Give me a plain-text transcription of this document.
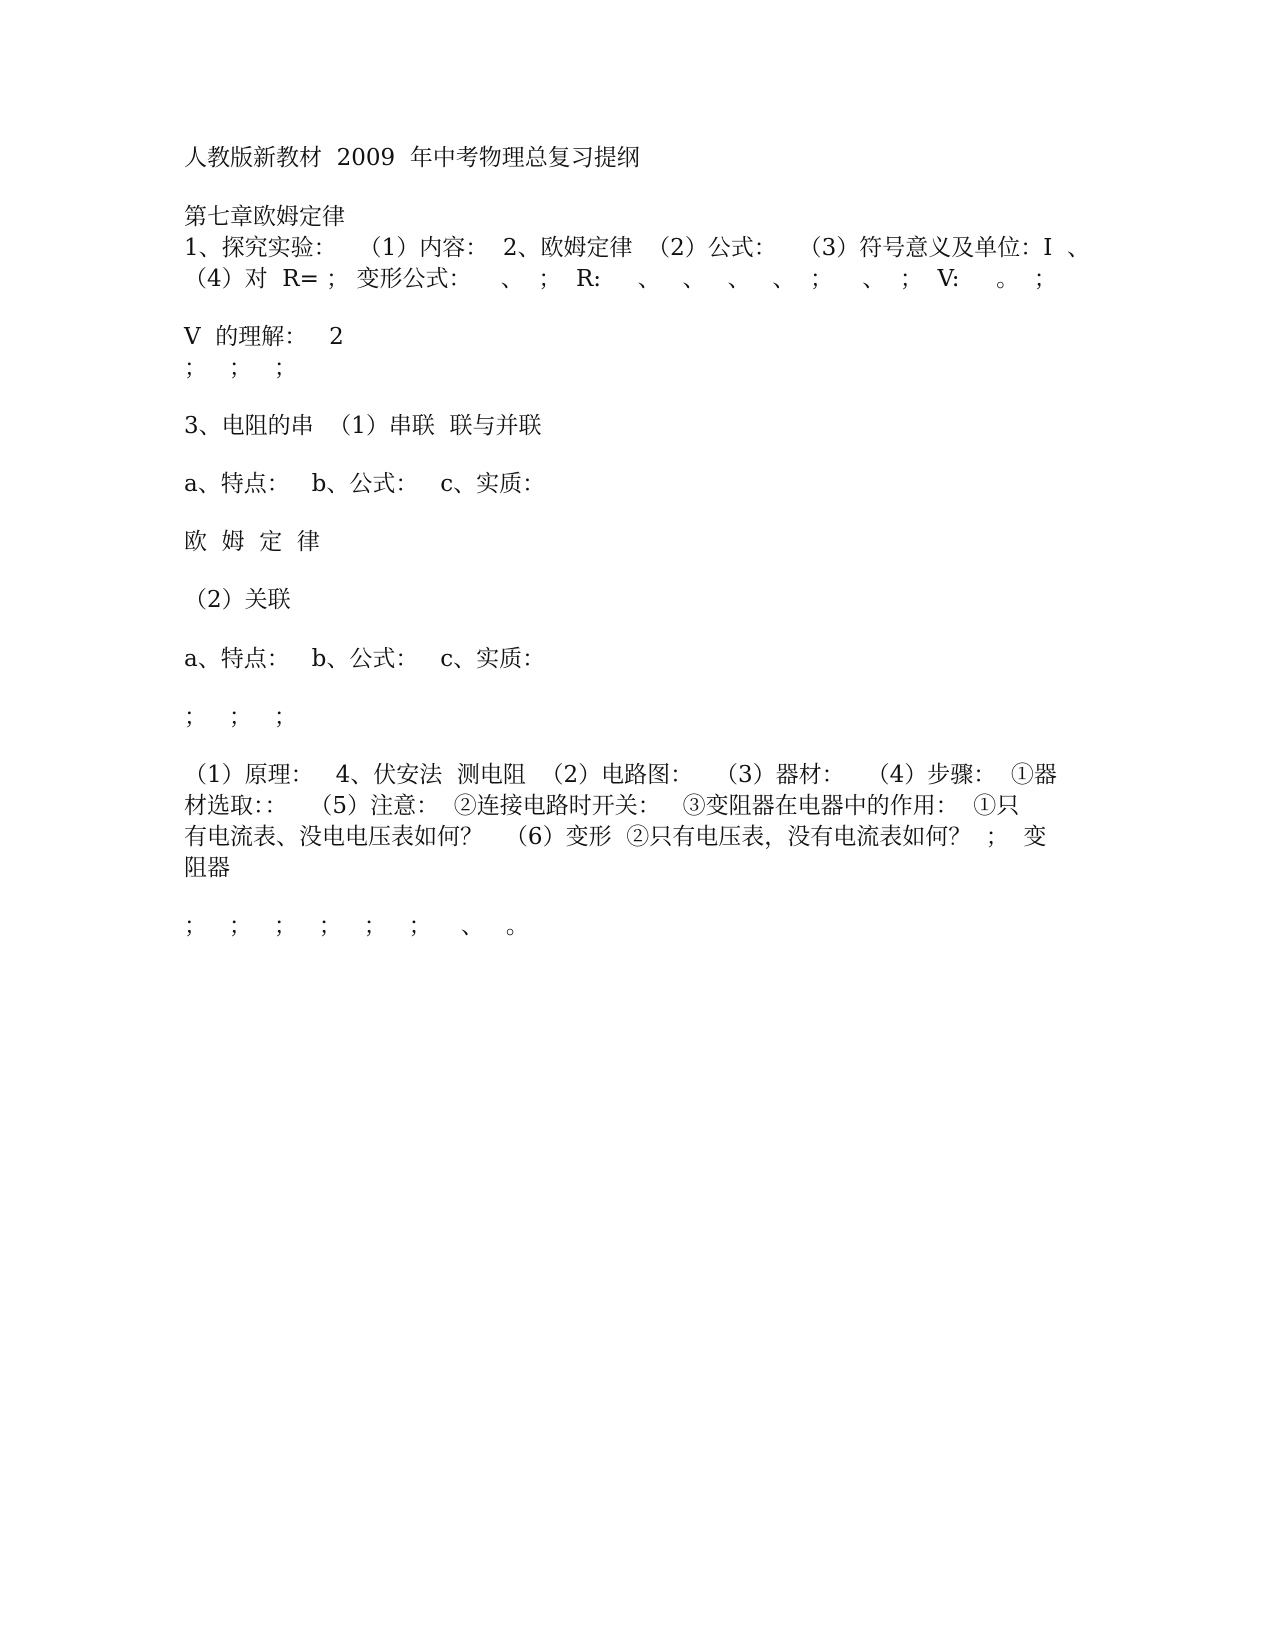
人教版新教材  2009  年中考物理总复习提纲

第七章欧姆定律

1、探究实验：   （1）内容：  2、欧姆定律  （2）公式：   （3）符号意义及单位：I  、

（4）对  R= ； 变形公式：    、  ；  R:     、   、   、   、  ；    、  ；  V:     。  ；

V  的理解：   2

；   ；   ；

3、电阻的串  （1）串联  联与并联

a、特点：   b、公式：   c、实质：

欧  姆  定  律

（2）关联

a、特点：   b、公式：   c、实质：

；   ；   ；

（1）原理：   4、伏安法  测电阻  （2）电路图：   （3）器材：   （4）步骤：  ①器

材选取：：   （5）注意：  ②连接电路时开关：   ③变阻器在电器中的作用：  ①只

有电流表、没电电压表如何？   （6）变形  ②只有电压表，没有电流表如何？  ；  变

阻器

；   ；   ；   ；   ；   ；    、   。
